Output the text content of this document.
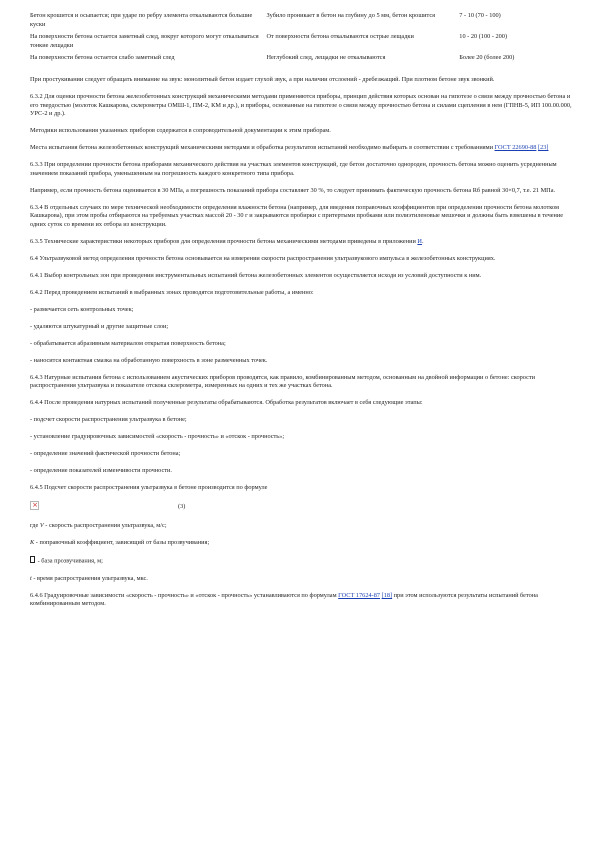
Бетон крошится и осыпается; при ударе по ребру элемента откалываются большие куски	Зубило проникает в бетон на глубину до 5 мм, бетон крошится	7 - 10 (70 - 100)
На поверхности бетона остается заметный след, вокруг которого могут откалываться тонкие лещадки	От поверхности бетона откалываются острые лещадки	10 - 20 (100 - 200)
На поверхности бетона остается слабо заметный след	Неглубокий след, лещадки не откалываются	Более 20 (более 200)

При простукивании следует обращать внимание на звук: монолитный бетон издает глухой звук, а при наличии отслоений - дребезжащий. При плотном бетоне звук звонкий.

6.3.2 Для оценки прочности бетона железобетонных конструкций механическими методами применяются приборы, принцип действия которых основан на гипотезе о связи между прочностью бетона и его твердостью (молоток Кашкарова, склерометры ОМШ-1, ПМ-2, КМ и др.), и приборы, основанные на гипотезе о связи между прочностью бетона и силами сцепления в нем (ГПНВ-5, ИП 100.00.000, УРС-2 и др.).

Методики использования указанных приборов содержатся в сопроводительной документации к этим приборам.

Места испытания бетона железобетонных конструкций механическими методами и обработка результатов испытаний необходимо выбирать в соответствии с требованиями ГОСТ 22690-88 [23]

6.3.3 При определении прочности бетона приборами механического действия на участках элементов конструкций, где бетон достаточно однороден, прочность бетона можно оценить усредненным значением показаний прибора, уменьшенным на погрешность каждого конкретного типа прибора.

Например, если прочность бетона оценивается в 30 МПа, а погрешность показаний прибора составляет 30 %, то следует принимать фактическую прочность бетона Rб равной 30×0,7, т.е. 21 МПа.

6.3.4 В отдельных случаях по мере технической необходимости определения влажности бетона (например, для введения поправочных коэффициентов при определении прочности бетона молотком Кашкарова), при этом пробы отбираются на требуемых участках массой 20 - 30 г и закрываются пробирки с притертыми пробками или полиэтиленовые мешочки и должны быть взвешены в течение одних суток со времени их отбора из конструкции.

6.3.5 Технические характеристики некоторых приборов для определения прочности бетона механическими методами приведены в приложении И.

6.4 Ультразвуковой метод определения прочности бетона основывается на измерении скорости распространения ультразвукового импульса в железобетонных конструкциях.

6.4.1 Выбор контрольных зон при проведении инструментальных испытаний бетона железобетонных элементов осуществляется исходя из условий доступности к ним.

6.4.2 Перед проведением испытаний в выбранных зонах проводятся подготовительные работы, а именно:

- размечается сеть контрольных точек;

- удаляются штукатурный и другие защитные слои;

- обрабатывается абразивным материалом открытая поверхность бетона;

- наносится контактная смазка на обработанную поверхность в зоне размеченных точек.

6.4.3 Натурные испытания бетона с использованием акустических приборов проводятся, как правило, комбинированным методом, основанным на двойной информации о бетоне: скорости распространения ультразвука и показателе отскока склерометра, измеренных на одних и тех же участках бетона.

6.4.4 После проведения натурных испытаний полученные результаты обрабатываются. Обработка результатов включает в себя следующие этапы:

- подсчет скорости распространения ультразвука в бетоне;

- установление градуировочных зависимостей «скорость - прочность» и «отскок - прочность»;

- определение значений фактической прочности бетона;

- определение показателей изменчивости прочности.

6.4.5 Подсчет скорости распространения ультразвука в бетоне производится по формуле

×	(3)

где V - скорость распространения ультразвука, м/с;

K - поправочный коэффициент, зависящий от базы прозвучивания;

- база прозвучивания, м;

t - время распространения ультразвука, мкс.

6.4.6 Градуировочные зависимости «скорость - прочность» и «отскок - прочность» устанавливаются по формулам ГОСТ 17624-87 [18] при этом используются результаты испытаний бетона комбинированным методом.
